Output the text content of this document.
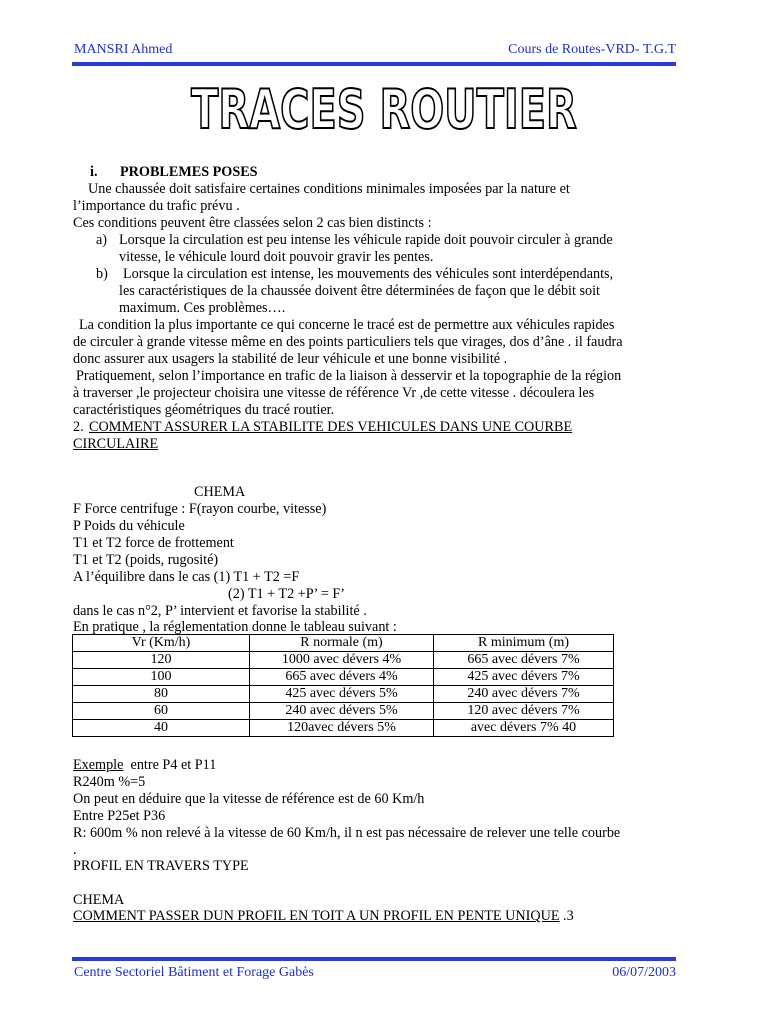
MANSRI Ahmed	Cours de Routes-VRD- T.G.T
TRACES ROUTIER
i. PROBLEMES POSES
Une chaussée doit satisfaire certaines conditions minimales imposées par la nature et
l’importance du trafic prévu .
Ces conditions peuvent être classées selon 2 cas bien distincts :
a) Lorsque la circulation est peu intense les véhicule rapide doit pouvoir circuler à grande
vitesse, le véhicule lourd doit pouvoir gravir les pentes.
b) Lorsque la circulation est intense, les mouvements des véhicules sont interdépendants,
les caractéristiques de la chaussée doivent être déterminées de façon que le débit soit
maximum. Ces problèmes….
La condition la plus importante ce qui concerne le tracé est de permettre aux véhicules rapides
de circuler à grande vitesse même en des points particuliers tels que virages, dos d’âne . il faudra
donc assurer aux usagers la stabilité de leur véhicule et une bonne visibilité .
Pratiquement, selon l’importance en trafic de la liaison à desservir et la topographie de la région
à traverser ,le projecteur choisira une vitesse de référence Vr ,de cette vitesse . découlera les
caractéristiques géométriques du tracé routier.
2. COMMENT ASSURER LA STABILITE DES VEHICULES DANS UNE COURBE
CIRCULAIRE
CHEMA
F Force centrifuge : F(rayon courbe, vitesse)
P Poids du véhicule
T1 et T2 force de frottement
T1 et T2 (poids, rugosité)
A l’équilibre dans le cas (1) T1 + T2 =F
(2) T1 + T2 +P’ = F’
dans le cas n°2, P’ intervient et favorise la stabilité .
En pratique , la réglementation donne le tableau suivant :
Vr (Km/h)	R normale (m)	R minimum (m)
120	1000 avec dévers 4%	665 avec dévers 7%
100	665 avec dévers 4%	425 avec dévers 7%
80	425 avec dévers 5%	240 avec dévers 7%
60	240 avec dévers 5%	120 avec dévers 7%
40	120avec dévers 5%	avec dévers 7% 40
Exemple entre P4 et P11
R240m %=5
On peut en déduire que la vitesse de référence est de 60 Km/h
Entre P25et P36
R: 600m % non relevé à la vitesse de 60 Km/h, il n est pas nécessaire de relever une telle courbe
.
PROFIL EN TRAVERS TYPE
CHEMA
COMMENT PASSER DUN PROFIL EN TOIT A UN PROFIL EN PENTE UNIQUE .3
Centre Sectoriel Bâtiment et Forage Gabès	06/07/2003
